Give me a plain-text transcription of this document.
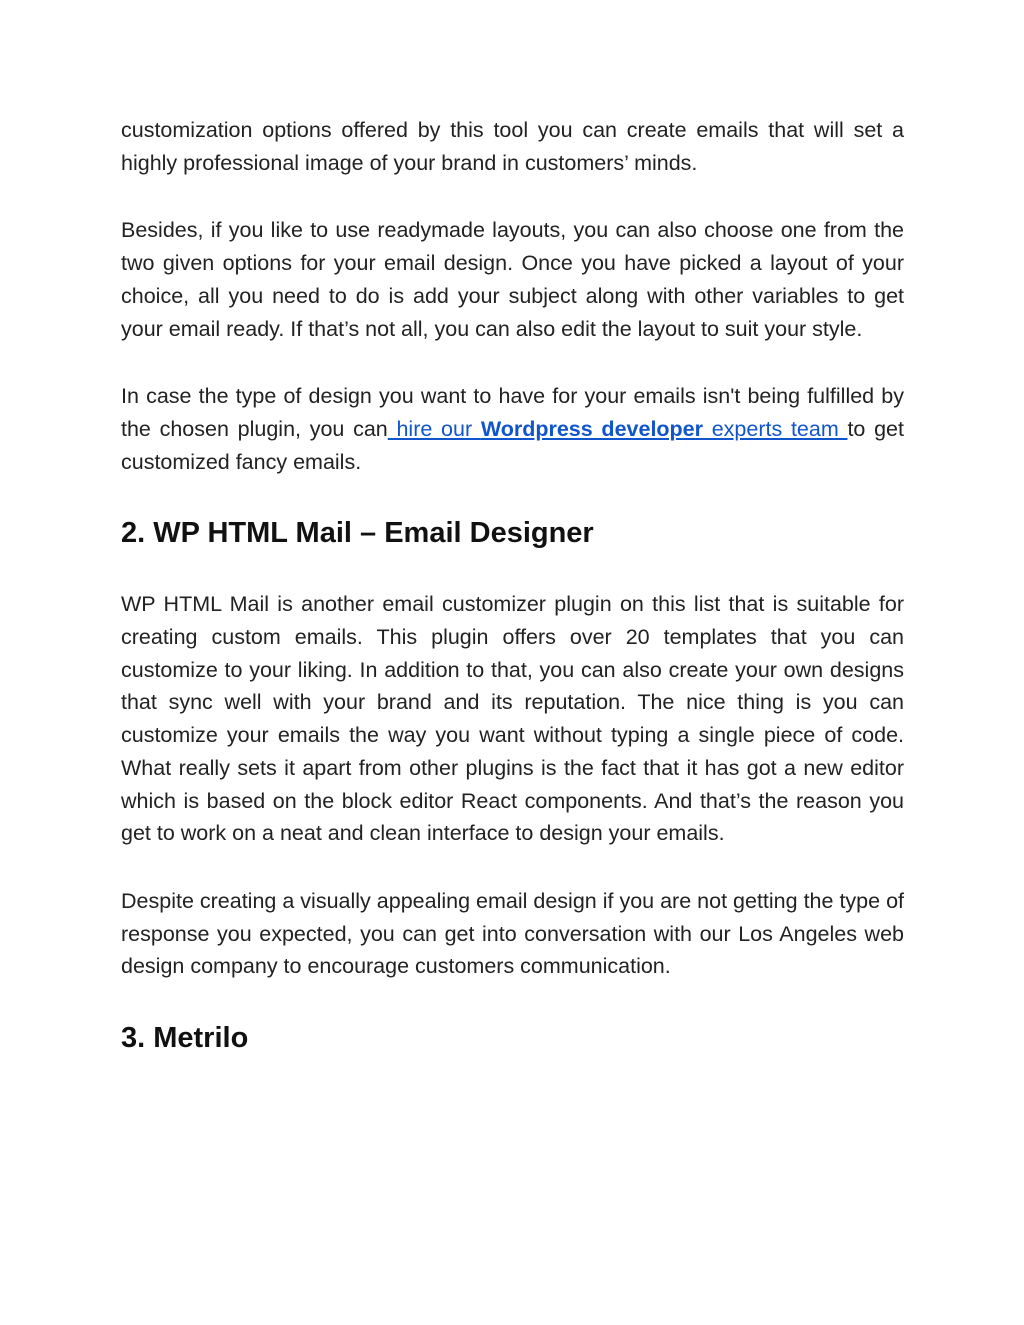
customization options offered by this tool you can create emails that will set a highly professional image of your brand in customers’ minds.

Besides, if you like to use readymade layouts, you can also choose one from the two given options for your email design. Once you have picked a layout of your choice, all you need to do is add your subject along with other variables to get your email ready. If that’s not all, you can also edit the layout to suit your style.

In case the type of design you want to have for your emails isn't being fulfilled by the chosen plugin, you can hire our Wordpress developer experts team to get customized fancy emails.

2. WP HTML Mail – Email Designer

WP HTML Mail is another email customizer plugin on this list that is suitable for creating custom emails. This plugin offers over 20 templates that you can customize to your liking. In addition to that, you can also create your own designs that sync well with your brand and its reputation. The nice thing is you can customize your emails the way you want without typing a single piece of code. What really sets it apart from other plugins is the fact that it has got a new editor which is based on the block editor React components. And that’s the reason you get to work on a neat and clean interface to design your emails.

Despite creating a visually appealing email design if you are not getting the type of response you expected, you can get into conversation with our Los Angeles web design company to encourage customers communication.

3. Metrilo
